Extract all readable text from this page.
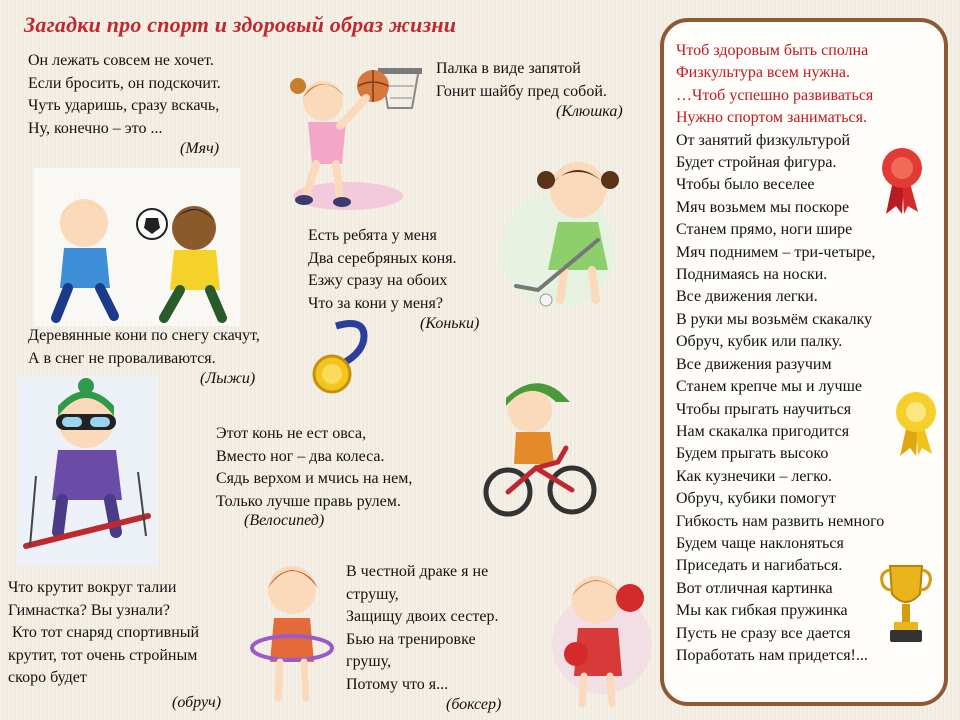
Загадки про спорт и здоровый образ жизни
Он лежать совсем не хочет.
Если бросить, он подскочит.
Чуть ударишь, сразу вскачь,
Ну, конечно – это ...
(Мяч)
Палка в виде запятой
Гонит шайбу пред собой.
(Клюшка)
Есть ребята у меня
Два серебряных коня.
Езжу сразу на обоих
Что за кони у меня?
(Коньки)
Деревянные кони по снегу скачут,
А в снег не проваливаются.
(Лыжи)
Этот конь не ест овса,
Вместо ног – два колеса.
Сядь верхом и мчись на нем,
Только лучше правь рулем.
(Велосипед)
Что крутит вокруг талии
Гимнастка? Вы узнали?
Кто тот снаряд спортивный
крутит, тот очень стройным
скоро будет
(обруч)
В честной драке я не
струшу,
Защищу двоих сестер.
Бью на тренировке
грушу,
Потому что я...
(боксер)
Чтоб здоровым быть сполна
Физкультура всем нужна.
…Чтоб успешно развиваться
Нужно спортом заниматься.
От занятий физкультурой
Будет стройная фигура.
Чтобы было веселее
Мяч возьмем мы поскоре
Станем прямо, ноги шире
Мяч поднимем – три-четыре,
Поднимаясь на носки.
Все движения легки.
В руки мы возьмём скакалку
Обруч, кубик или палку.
Все движения разучим
Станем крепче мы и лучше
Чтобы прыгать научиться
Нам скакалка пригодится
Будем прыгать высоко
Как кузнечики – легко.
Обруч, кубики помогут
Гибкость нам развить немного
Будем чаще наклоняться
Приседать и нагибаться.
Вот отличная картинка
Мы как гибкая пружинка
Пусть не сразу все дается
Поработать нам придется!...
